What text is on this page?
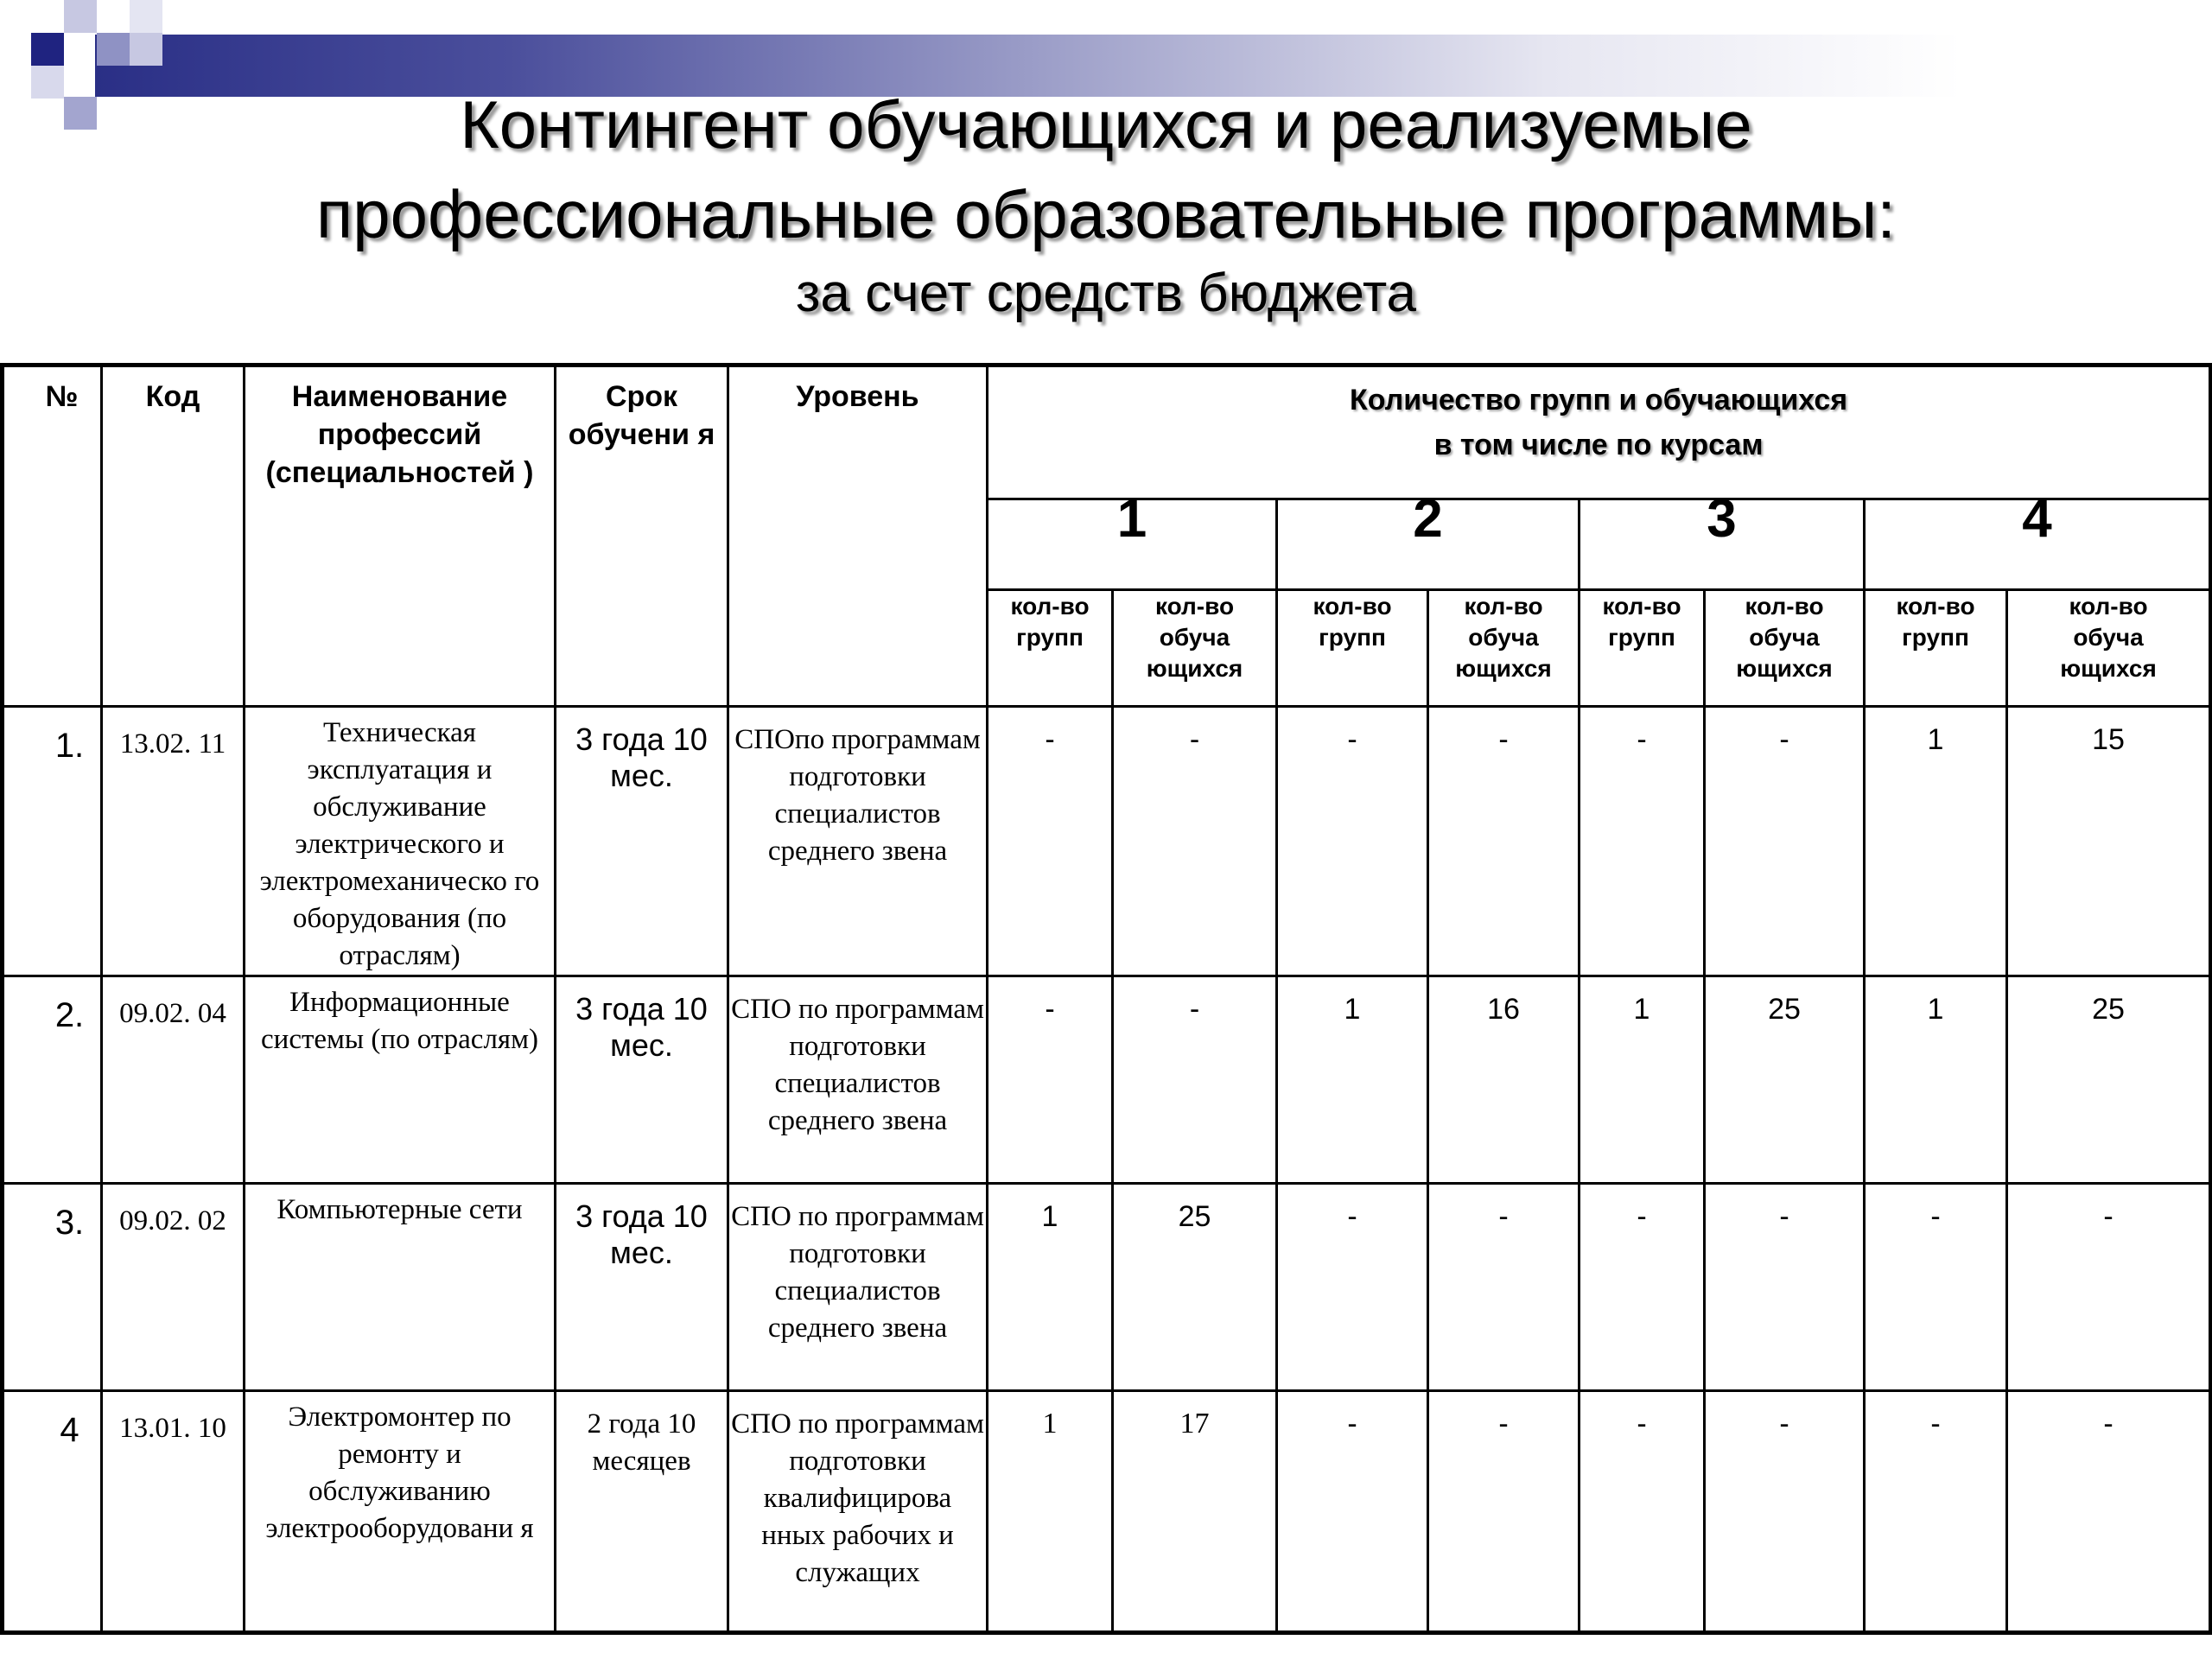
Контингент обучающихся и реализуемые
профессиональные образовательные программы:
за счет средств бюджета
№	Код	Наименование профессий (специальностей )	Срок обучени я	Уровень	Количество групп и обучающихся
в том числе по курсам							

					1		2		3		4	
					кол-во групп	кол-во обуча ющихся	кол-во групп	кол-во обуча ющихся	кол-во групп	кол-во обуча ющихся	кол-во групп	кол-во обуча ющихся
1.	13.02. 11	Техническая эксплуатация и обслуживание электрического и электромеханическо го оборудования (по отраслям)	3 года 10 мес.	СПОпо программам подготовки специалистов среднего звена	-	-	-	-	-	-	1	15
2.	09.02. 04	Информационные системы (по отраслям)	3 года 10 мес.	СПО по программам подготовки специалистов среднего звена	-	-	1	16	1	25	1	25
3.	09.02. 02	Компьютерные сети	3 года 10 мес.	СПО по программам подготовки специалистов среднего звена	1	25	-	-	-	-	-	-
4	13.01. 10	Электромонтер по ремонту и обслуживанию электрооборудовани я	2 года 10 месяцев	СПО по программам подготовки квалифицирова нных рабочих и служащих	1	17	-	-	-	-	-	-
